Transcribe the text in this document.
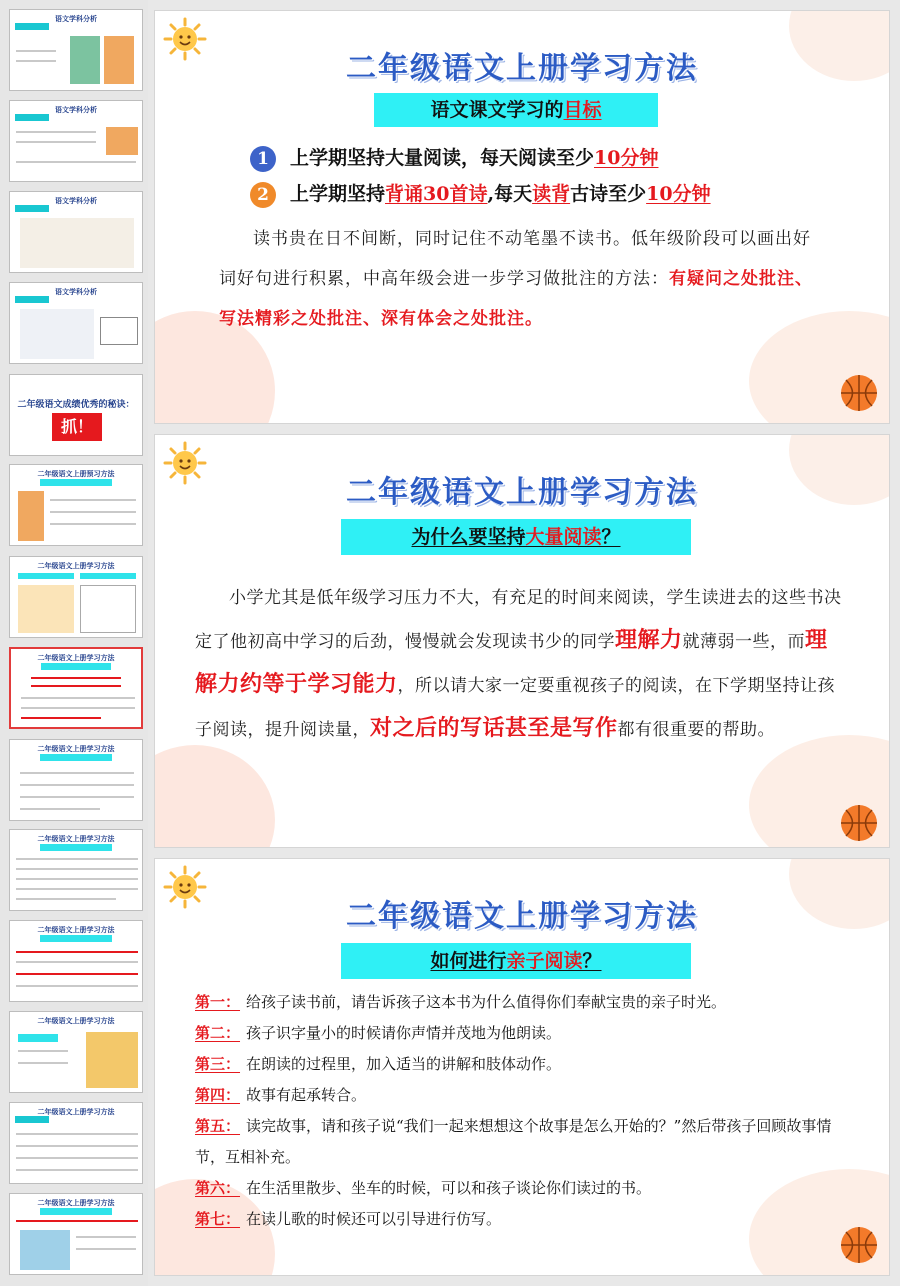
语文学科分析
语文学科分析
语文学科分析
语文学科分析
二年级语文成绩优秀的秘诀：
抓！
二年级语文上册预习方法
二年级语文上册学习方法
二年级语文上册学习方法
二年级语文上册学习方法
二年级语文上册学习方法
二年级语文上册学习方法
二年级语文上册学习方法
二年级语文上册学习方法
二年级语文上册学习方法
二年级语文上册学习方法
语文课文学习的目标
1 上学期坚持大量阅读，每天阅读至少10分钟
2 上学期坚持背诵30首诗,每天读背古诗至少10分钟
读书贵在日不间断，同时记住不动笔墨不读书。低年级阶段可以画出好词好句进行积累，中高年级会进一步学习做批注的方法：有疑问之处批注、写法精彩之处批注、深有体会之处批注。
二年级语文上册学习方法
为什么要坚持大量阅读？
小学尤其是低年级学习压力不大，有充足的时间来阅读，学生读进去的这些书决定了他初高中学习的后劲，慢慢就会发现读书少的同学理解力就薄弱一些，而理解力约等于学习能力，所以请大家一定要重视孩子的阅读，在下学期坚持让孩子阅读，提升阅读量，对之后的写话甚至是写作都有很重要的帮助。
二年级语文上册学习方法
如何进行亲子阅读？
第一： 给孩子读书前，请告诉孩子这本书为什么值得你们奉献宝贵的亲子时光。
第二： 孩子识字量小的时候请你声情并茂地为他朗读。
第三： 在朗读的过程里，加入适当的讲解和肢体动作。
第四： 故事有起承转合。
第五： 读完故事，请和孩子说“我们一起来想想这个故事是怎么开始的？”然后带孩子回顾故事情节，互相补充。
第六： 在生活里散步、坐车的时候，可以和孩子谈论你们读过的书。
第七： 在读儿歌的时候还可以引导进行仿写。
